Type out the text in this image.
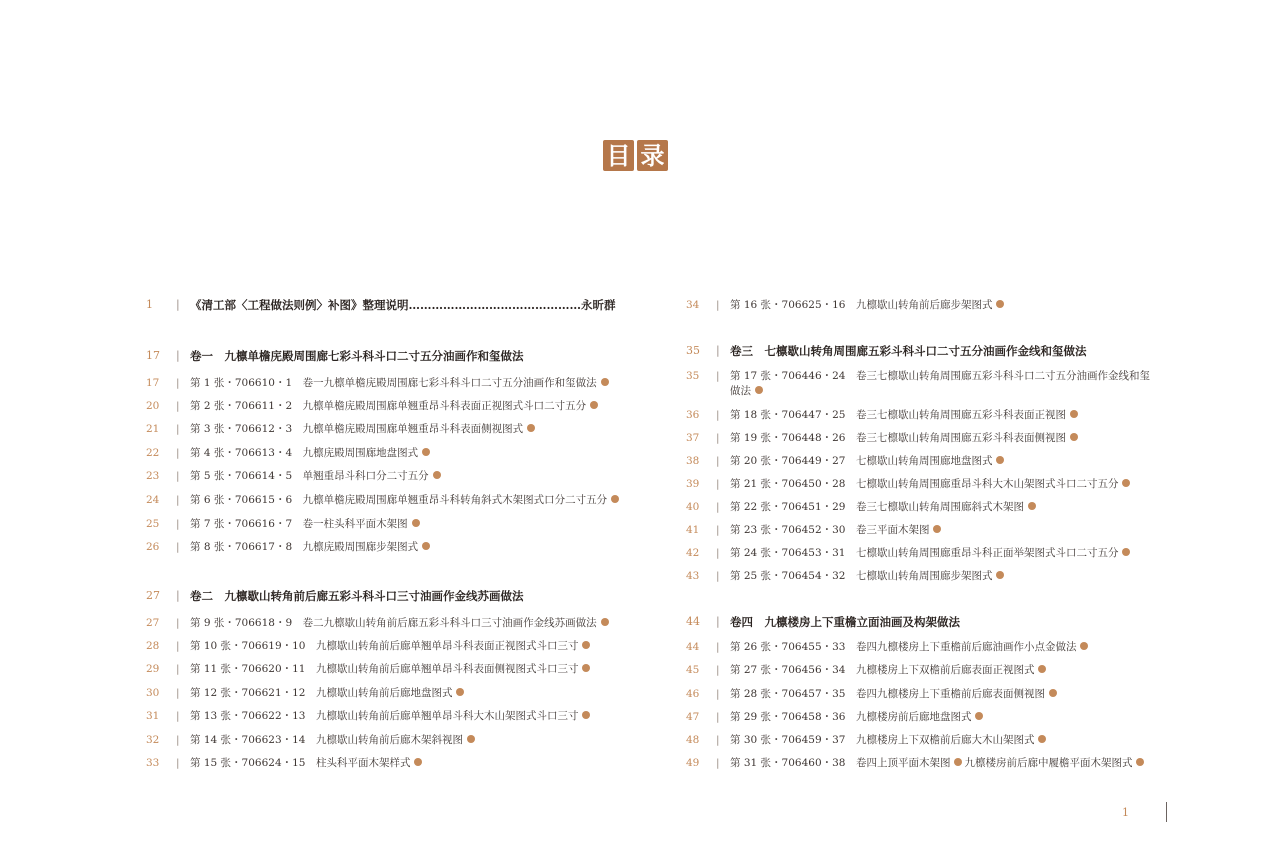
目 录
1	| 《清工部〈工程做法则例〉补图》整理说明………………………………………永昕群
17	| 卷一　九檩单檐庑殿周围廊七彩斗科斗口二寸五分油画作和玺做法
17	| 第 1 张・706610・1　卷一九檩单檐庑殿周围廊七彩斗科斗口二寸五分油画作和玺做法
20	| 第 2 张・706611・2　九檩单檐庑殿周围廊单翘重昂斗科表面正视图式斗口二寸五分
21	| 第 3 张・706612・3　九檩单檐庑殿周围廊单翘重昂斗科表面侧视图式
22	| 第 4 张・706613・4　九檩庑殿周围廊地盘图式
23	| 第 5 张・706614・5　单翘重昂斗科口分二寸五分
24	| 第 6 张・706615・6　九檩单檐庑殿周围廊单翘重昂斗科转角斜式木架图式口分二寸五分
25	| 第 7 张・706616・7　卷一柱头科平面木架图
26	| 第 8 张・706617・8　九檩庑殿周围廊步架图式
27	| 卷二　九檩歇山转角前后廊五彩斗科斗口三寸油画作金线苏画做法
27	| 第 9 张・706618・9　卷二九檩歇山转角前后廊五彩斗科斗口三寸油画作金线苏画做法
28	| 第 10 张・706619・10　九檩歇山转角前后廊单翘单昂斗科表面正视图式斗口三寸
29	| 第 11 张・706620・11　九檩歇山转角前后廊单翘单昂斗科表面侧视图式斗口三寸
30	| 第 12 张・706621・12　九檩歇山转角前后廊地盘图式
31	| 第 13 张・706622・13　九檩歇山转角前后廊单翘单昂斗科大木山架图式斗口三寸
32	| 第 14 张・706623・14　九檩歇山转角前后廊木架斜视图
33	| 第 15 张・706624・15　柱头科平面木架样式
34	| 第 16 张・706625・16　九檩歇山转角前后廊步架图式
35	| 卷三　七檩歇山转角周围廊五彩斗科斗口二寸五分油画作金线和玺做法
35	| 第 17 张・706446・24　卷三七檩歇山转角周围廊五彩斗科斗口二寸五分油画作金线和玺做法
36	| 第 18 张・706447・25　卷三七檩歇山转角周围廊五彩斗科表面正视图
37	| 第 19 张・706448・26　卷三七檩歇山转角周围廊五彩斗科表面侧视图
38	| 第 20 张・706449・27　七檩歇山转角周围廊地盘图式
39	| 第 21 张・706450・28　七檩歇山转角周围廊重昂斗科大木山架图式斗口二寸五分
40	| 第 22 张・706451・29　卷三七檩歇山转角周围廊斜式木架图
41	| 第 23 张・706452・30　卷三平面木架图
42	| 第 24 张・706453・31　七檩歇山转角周围廊重昂斗科正面举架图式斗口二寸五分
43	| 第 25 张・706454・32　七檩歇山转角周围廊步架图式
44	| 卷四　九檩楼房上下重檐立面油画及构架做法
44	| 第 26 张・706455・33　卷四九檩楼房上下重檐前后廊油画作小点金做法
45	| 第 27 张・706456・34　九檩楼房上下双檐前后廊表面正视图式
46	| 第 28 张・706457・35　卷四九檩楼房上下重檐前后廊表面侧视图
47	| 第 29 张・706458・36　九檩楼房前后廊地盘图式
48	| 第 30 张・706459・37　九檩楼房上下双檐前后廊大木山架图式
49	| 第 31 张・706460・38　卷四上顶平面木架图 九檩楼房前后廊中履檐平面木架图式
1
